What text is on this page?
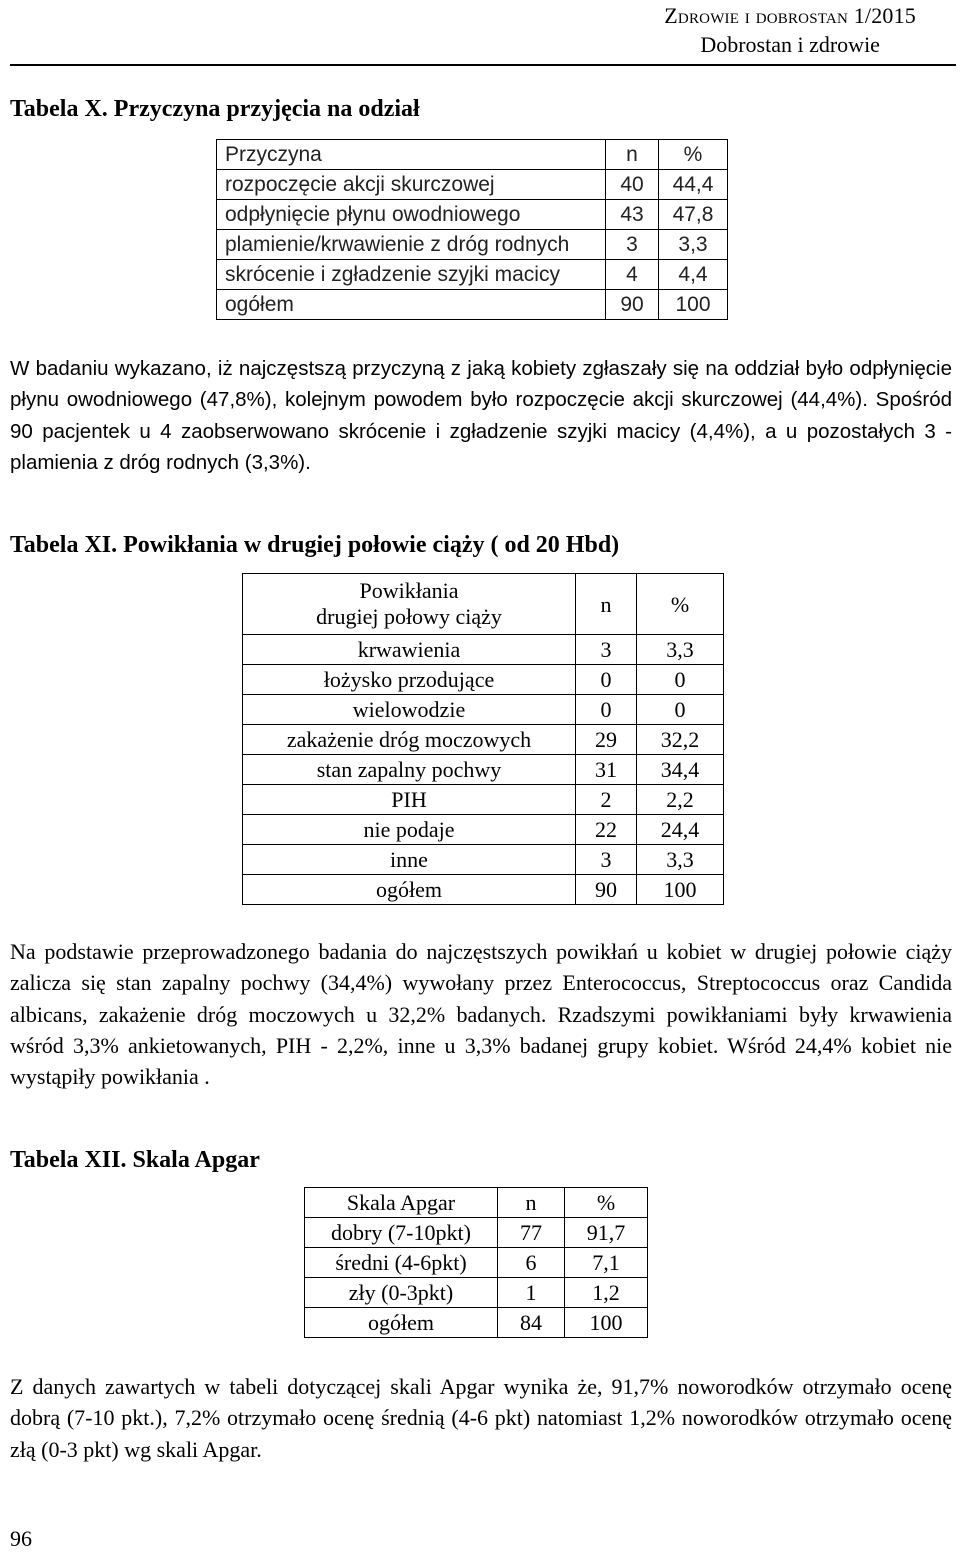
Zdrowie i dobrostan 1/2015
Dobrostan i zdrowie
Tabela X. Przyczyna przyjęcia na odział
Przyczyna	n	%
rozpoczęcie akcji skurczowej	40	44,4
odpłynięcie płynu owodniowego	43	47,8
plamienie/krwawienie z dróg rodnych	3	3,3
skrócenie i zgładzenie szyjki macicy	4	4,4
ogółem	90	100

W badaniu wykazano, iż najczęstszą przyczyną z jaką kobiety zgłaszały się na oddział było odpłynięcie płynu owodniowego (47,8%), kolejnym powodem było rozpoczęcie akcji skurczowej (44,4%). Spośród 90 pacjentek u 4 zaobserwowano skrócenie i zgładzenie szyjki macicy (4,4%), a u pozostałych 3 - plamienia z dróg rodnych (3,3%).

Tabela XI. Powikłania w drugiej połowie ciąży ( od 20 Hbd)
Powikłania
drugiej połowy ciąży	n	%
krwawienia	3	3,3
łożysko przodujące	0	0
wielowodzie	0	0
zakażenie dróg moczowych	29	32,2
stan zapalny pochwy	31	34,4
PIH	2	2,2
nie podaje	22	24,4
inne	3	3,3
ogółem	90	100

Na podstawie przeprowadzonego badania do najczęstszych powikłań u kobiet w drugiej połowie ciąży zalicza się stan zapalny pochwy (34,4%) wywołany przez Enterococcus, Streptococcus oraz Candida albicans, zakażenie dróg moczowych u 32,2% badanych. Rzadszymi powikłaniami były krwawienia wśród 3,3% ankietowanych, PIH - 2,2%, inne u 3,3% badanej grupy kobiet. Wśród 24,4% kobiet nie wystąpiły powikłania .

Tabela XII. Skala Apgar
Skala Apgar	n	%
dobry (7-10pkt)	77	91,7
średni (4-6pkt)	6	7,1
zły (0-3pkt)	1	1,2
ogółem	84	100

Z danych zawartych w tabeli dotyczącej skali Apgar wynika że, 91,7% noworodków otrzymało ocenę dobrą (7-10 pkt.), 7,2% otrzymało ocenę średnią (4-6 pkt) natomiast 1,2% noworodków otrzymało ocenę złą (0-3 pkt) wg skali Apgar.

96
